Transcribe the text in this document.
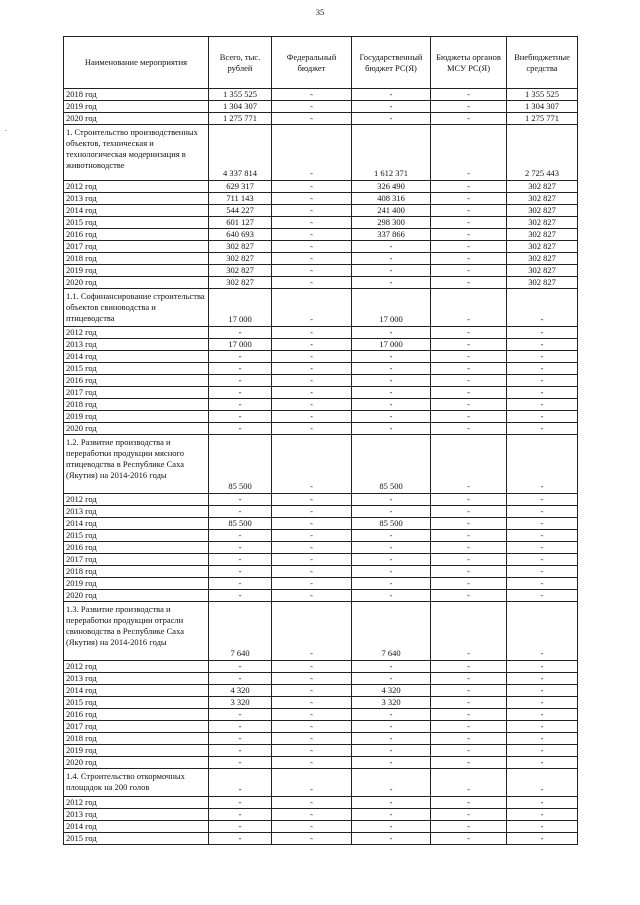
35
.
Наименование мероприятия	Всего, тыс. рублей	Федеральный бюджет	Государственный бюджет РС(Я)	Бюджеты органов МСУ РС(Я)	Внебюджетные средства
2018 год	1 355 525	-	-	-	1 355 525
2019 год	1 304 307	-	-	-	1 304 307
2020 год	1 275 771	-	-	-	1 275 771
1. Строительство производственных объектов, техническая и технологическая модернизация в животноводстве	4 337 814	-	1 612 371	-	2 725 443
2012 год	629 317	-	326 490	-	302 827
2013 год	711 143	-	408 316	-	302 827
2014 год	544 227	-	241 400	-	302 827
2015 год	601 127	-	298 300	-	302 827
2016 год	640 693	-	337 866	-	302 827
2017 год	302 827	-	-	-	302 827
2018 год	302 827	-	-	-	302 827
2019 год	302 827	-	-	-	302 827
2020 год	302 827	-	-	-	302 827
1.1. Софинансирование строительства объектов свиноводства и птицеводства	17 000	-	17 000	-	-
2012 год	-	-	-	-	-
2013 год	17 000	-	17 000	-	-
2014 год	-	-	-	-	-
2015 год	-	-	-	-	-
2016 год	-	-	-	-	-
2017 год	-	-	-	-	-
2018 год	-	-	-	-	-
2019 год	-	-	-	-	-
2020 год	-	-	-	-	-
1.2. Развитие производства и переработки продукции мясного птицеводства в Республике Саха (Якутия) на 2014-2016 годы	85 500	-	85 500	-	-
2012 год	-	-	-	-	-
2013 год	-	-	-	-	-
2014 год	85 500	-	85 500	-	-
2015 год	-	-	-	-	-
2016 год	-	-	-	-	-
2017 год	-	-	-	-	-
2018 год	-	-	-	-	-
2019 год	-	-	-	-	-
2020 год	-	-	-	-	-
1.3. Развитие производства и переработки продукции отрасли свиноводства в Республике Саха (Якутия) на 2014-2016 годы	7 640	-	7 640	-	-
2012 год	-	-	-	-	-
2013 год	-	-	-	-	-
2014 год	4 320	-	4 320	-	-
2015 год	3 320	-	3 320	-	-
2016 год	-	-	-	-	-
2017 год	-	-	-	-	-
2018 год	-	-	-	-	-
2019 год	-	-	-	-	-
2020 год	-	-	-	-	-
1.4. Строительство откормочных площадок на 200 голов	-	-	-	-	-
2012 год	-	-	-	-	-
2013 год	-	-	-	-	-
2014 год	-	-	-	-	-
2015 год	-	-	-	-	-
